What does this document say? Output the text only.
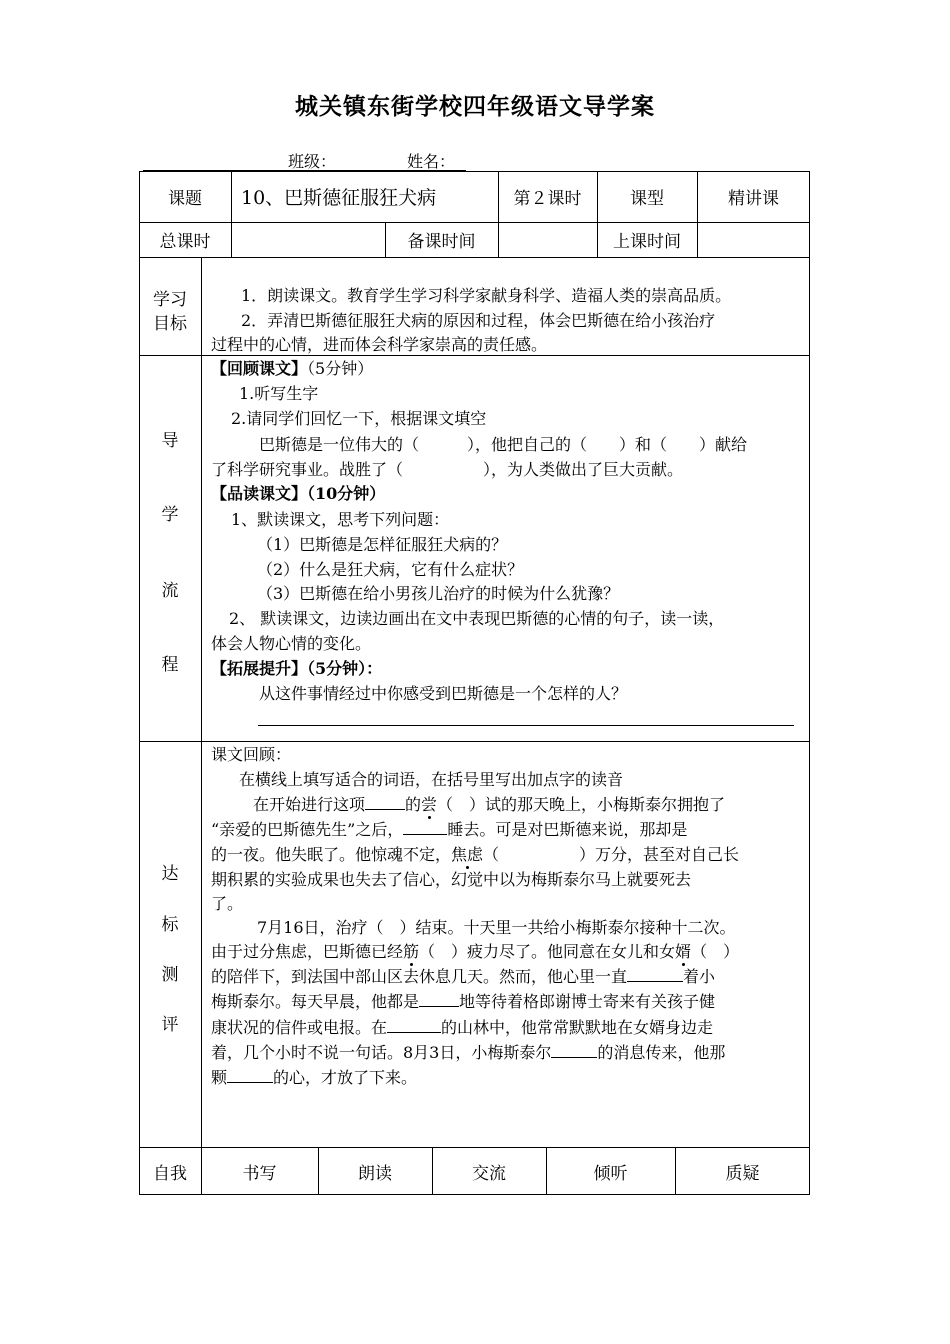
城关镇东街学校四年级语文导学案
班级：	姓名：
课题	10、巴斯德征服狂犬病	第２课时	课型	精讲课
总课时	备课时间	上课时间
学习
目标
1．朗读课文。教育学生学习科学家献身科学、造福人类的崇高品质。
2．弄清巴斯德征服狂犬病的原因和过程，体会巴斯德在给小孩治疗
过程中的心情，进而体会科学家崇高的责任感。
导
学
流
程
【回顾课文】（5分钟）
1.听写生字
2.请同学们回忆一下，根据课文填空
巴斯德是一位伟大的（　　　），他把自己的（　　）和（　　）献给
了科学研究事业。战胜了（　　　　　），为人类做出了巨大贡献。
【品读课文】（10分钟）
1、默读课文，思考下列问题：
（1）巴斯德是怎样征服狂犬病的？
（2）什么是狂犬病，它有什么症状？
（3）巴斯德在给小男孩儿治疗的时候为什么犹豫？
2、 默读课文，边读边画出在文中表现巴斯德的心情的句子，读一读，
体会人物心情的变化。
【拓展提升】（5分钟）：
从这件事情经过中你感受到巴斯德是一个怎样的人？
达
标
测
评
课文回顾：
在横线上填写适合的词语，在括号里写出加点字的读音
在开始进行这项	的尝（　）试的那天晚上，小梅斯泰尔拥抱了
“亲爱的巴斯德先生”之后，	睡去。可是对巴斯德来说，那却是
的一夜。他失眠了。他惊魂不定，焦虑（　　　　　）万分，甚至对自己长
期积累的实验成果也失去了信心，幻觉中以为梅斯泰尔马上就要死去
了。
7月16日，治疗（　）结束。十天里一共给小梅斯泰尔接种十二次。
由于过分焦虑，巴斯德已经筋（　）疲力尽了。他同意在女儿和女婿（　）
的陪伴下，到法国中部山区去休息几天。然而，他心里一直	着小
梅斯泰尔。每天早晨，他都是	地等待着格郎谢博士寄来有关孩子健
康状况的信件或电报。在	的山林中，他常常默默地在女婿身边走
着，几个小时不说一句话。8月3日，小梅斯泰尔	的消息传来，他那
颗	的心，才放了下来。
自我	书写	朗读	交流	倾听	质疑
